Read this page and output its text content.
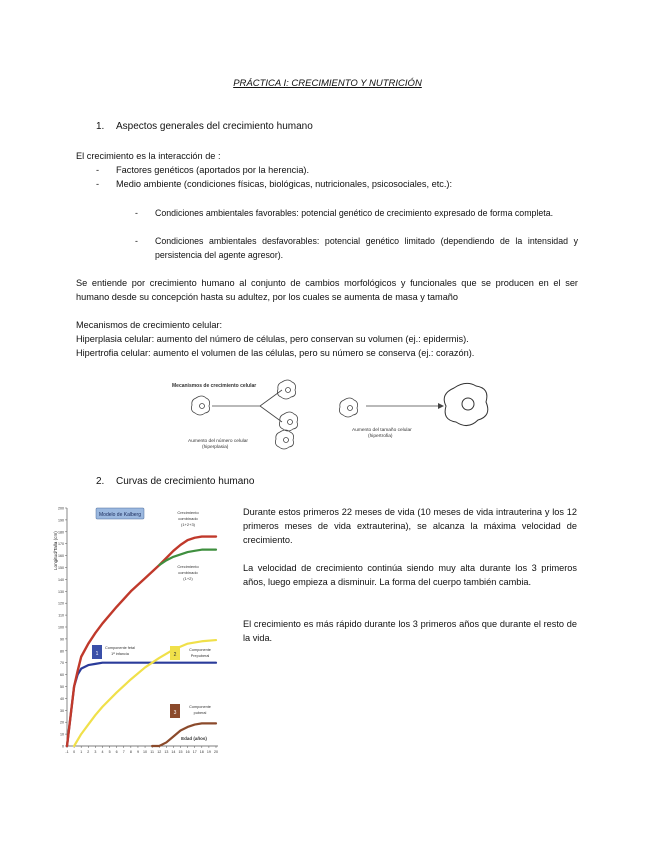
PRÁCTICA I: CRECIMIENTO Y NUTRICIÓN
1. Aspectos generales del crecimiento humano
El crecimiento es la interacción de :
- Factores genéticos (aportados por la herencia).
- Medio ambiente (condiciones físicas, biológicas, nutricionales, psicosociales, etc.):
- Condiciones ambientales favorables: potencial genético de crecimiento expresado de forma completa.
- Condiciones ambientales desfavorables: potencial genético limitado (dependiendo de la intensidad y persistencia del agente agresor).
Se entiende por crecimiento humano al conjunto de cambios morfológicos y funcionales que se producen en el ser humano desde su concepción hasta su adultez, por los cuales se aumenta de masa y tamaño
Mecanismos de crecimiento celular:
Hiperplasia celular: aumento del número de células, pero conservan su volumen (ej.: epidermis).
Hipertrofia celular: aumento el volumen de las células, pero su número se conserva (ej.: corazón).
Mecanismos de crecimiento celular
Aumento del número celular
(hiperplasia)
Aumento del tamaño celular
(hipertrofia)
2. Curvas de crecimiento humano
Durante estos primeros 22 meses de vida (10 meses de vida intrauterina y los 12 primeros meses de vida extrauterina), se alcanza la máxima velocidad de crecimiento.
La velocidad de crecimiento continúa siendo muy alta durante los 3 primeros años, luego empieza a disminuir. La forma del cuerpo también cambia.
El crecimiento es más rápido durante los 3 primeros años que durante el resto de la vida.
0
10
20
30
40
50
60
70
80
90
100
110
120
130
140
150
160
170
180
190
200
-1 0 1 2 3 4 5 6 7 8 9 10 11 12 13 14 15 16 17 18 19 20
Longitud/Talla (cm)
Modelo de Kalberg	Crecimiento
combinado
(1+2+3)
Crecimiento
combinado
(1+2)
1
Componente fetal
1ª infancia	2
Componente
Prepuberal
3
Componente
puberal
Edad (años)
